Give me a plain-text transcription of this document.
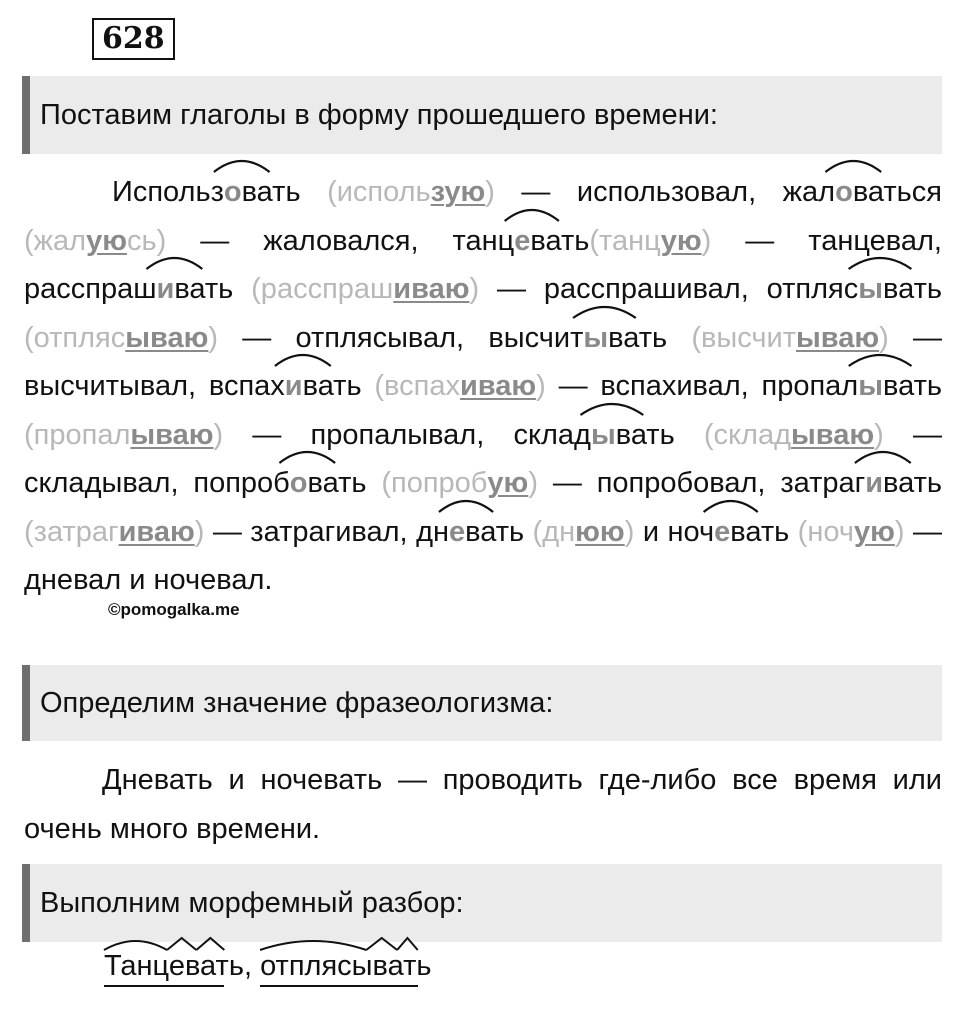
628
Поставим глаголы в форму прошедшего времени:
Использовать
(использую) — использовал, жаловаться
(жалуюсь) — жаловался, танцевать
(танцую) — танцевал, расспрашивать
(расспрашиваю) — расспрашивал, отплясывать
(отплясываю) — отплясывал, высчитывать
(высчитываю) — высчитывал, вспахивать
(вспахиваю) — вспахивал, пропалывать
(пропалываю) — пропалывал, складывать
(складываю) — складывал, попробовать
(попробую) — попробовал, затрагивать
(затрагиваю) — затрагивал, дневать
(днюю) и ночевать
(ночую) — дневал и ночевал.
©pomogalka.me
Определим значение фразеологизма:
Дневать и ночевать — проводить где-либо все время или очень много времени.
Выполним морфемный разбор:
Танцевать
, отплясывать
